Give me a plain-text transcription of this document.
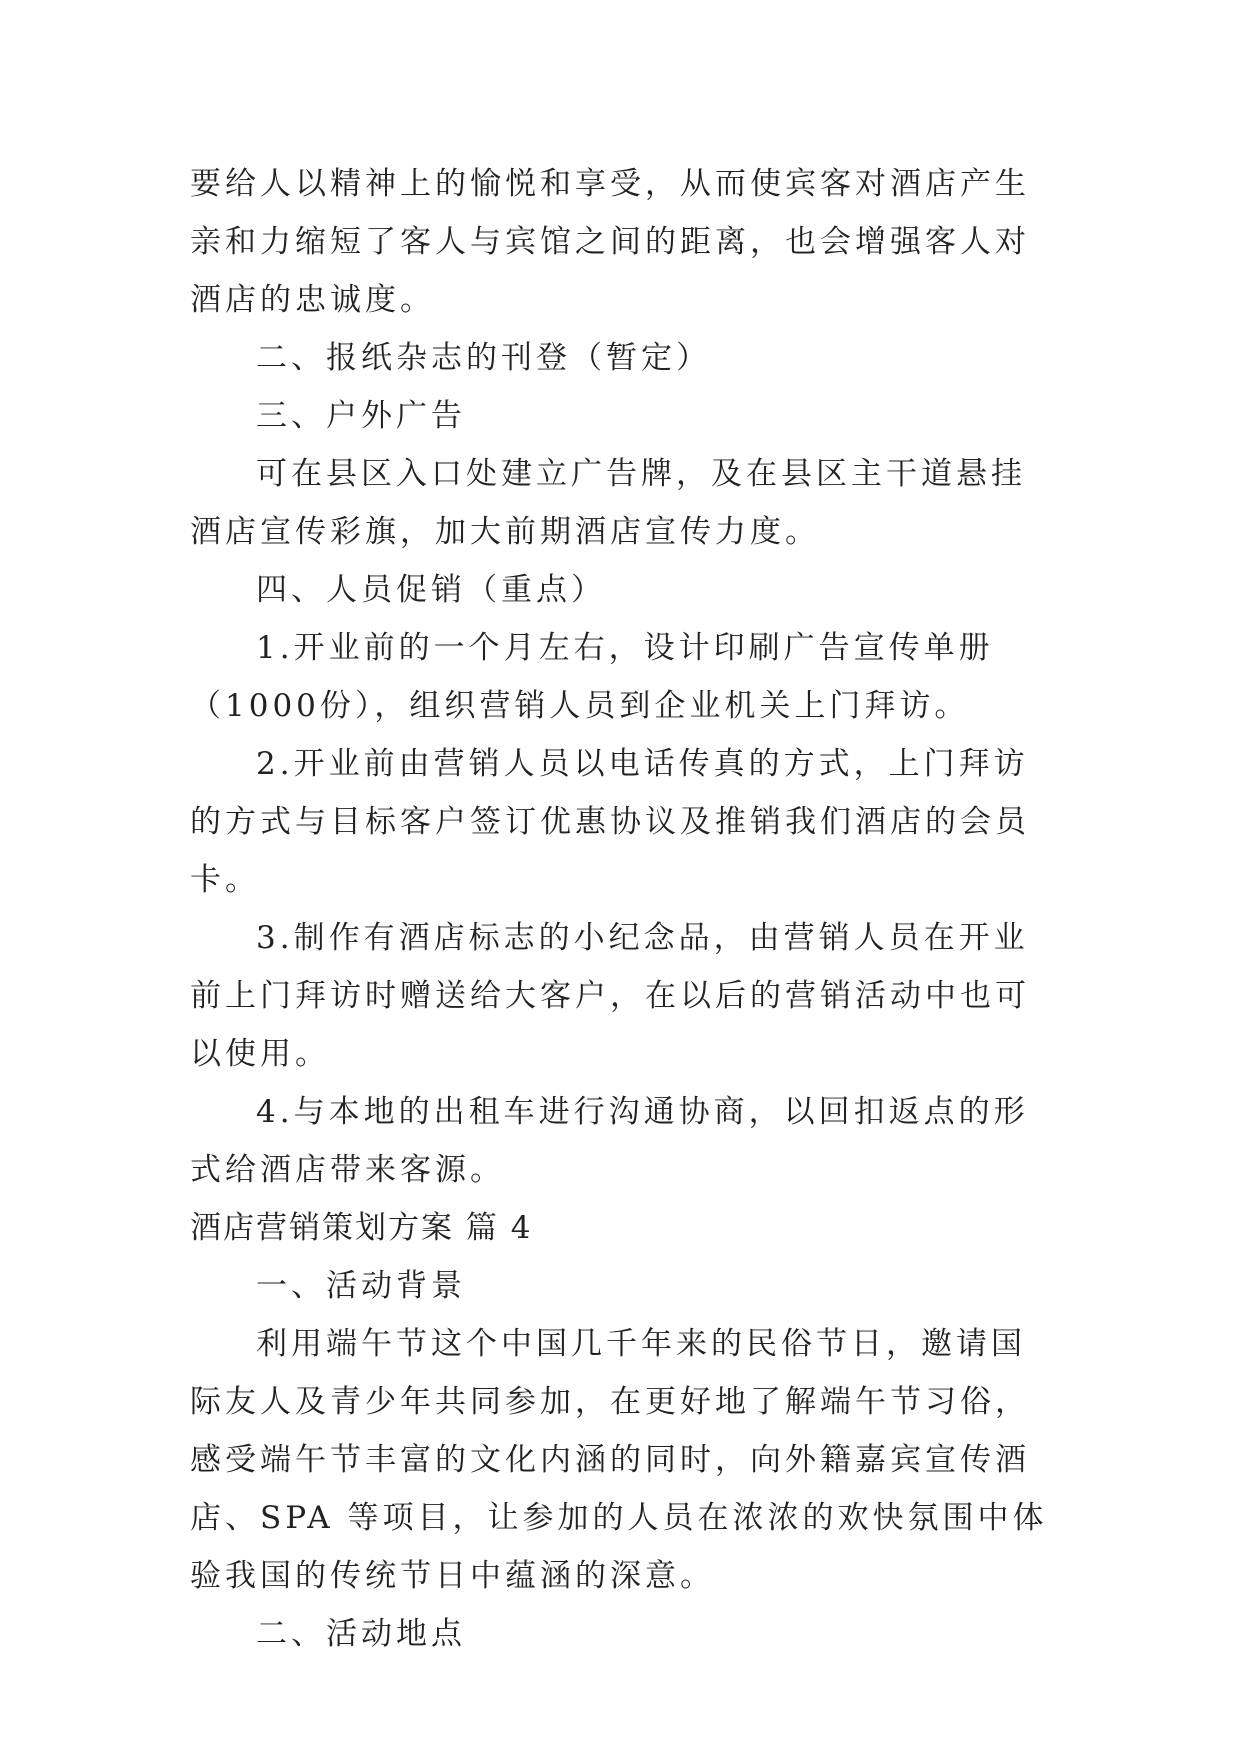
要给人以精神上的愉悦和享受，从而使宾客对酒店产生亲和力缩短了客人与宾馆之间的距离，也会增强客人对酒店的忠诚度。

二、报纸杂志的刊登（暂定）

三、户外广告

可在县区入口处建立广告牌，及在县区主干道悬挂酒店宣传彩旗，加大前期酒店宣传力度。

四、人员促销（重点）

1.开业前的一个月左右，设计印刷广告宣传单册（1000份），组织营销人员到企业机关上门拜访。

2.开业前由营销人员以电话传真的方式，上门拜访的方式与目标客户签订优惠协议及推销我们酒店的会员卡。

3.制作有酒店标志的小纪念品，由营销人员在开业前上门拜访时赠送给大客户，在以后的营销活动中也可以使用。

4.与本地的出租车进行沟通协商，以回扣返点的形式给酒店带来客源。

酒店营销策划方案 篇 4

一、活动背景

利用端午节这个中国几千年来的民俗节日，邀请国际友人及青少年共同参加，在更好地了解端午节习俗，感受端午节丰富的文化内涵的同时，向外籍嘉宾宣传酒店、SPA 等项目，让参加的人员在浓浓的欢快氛围中体验我国的传统节日中蕴涵的深意。

二、活动地点
